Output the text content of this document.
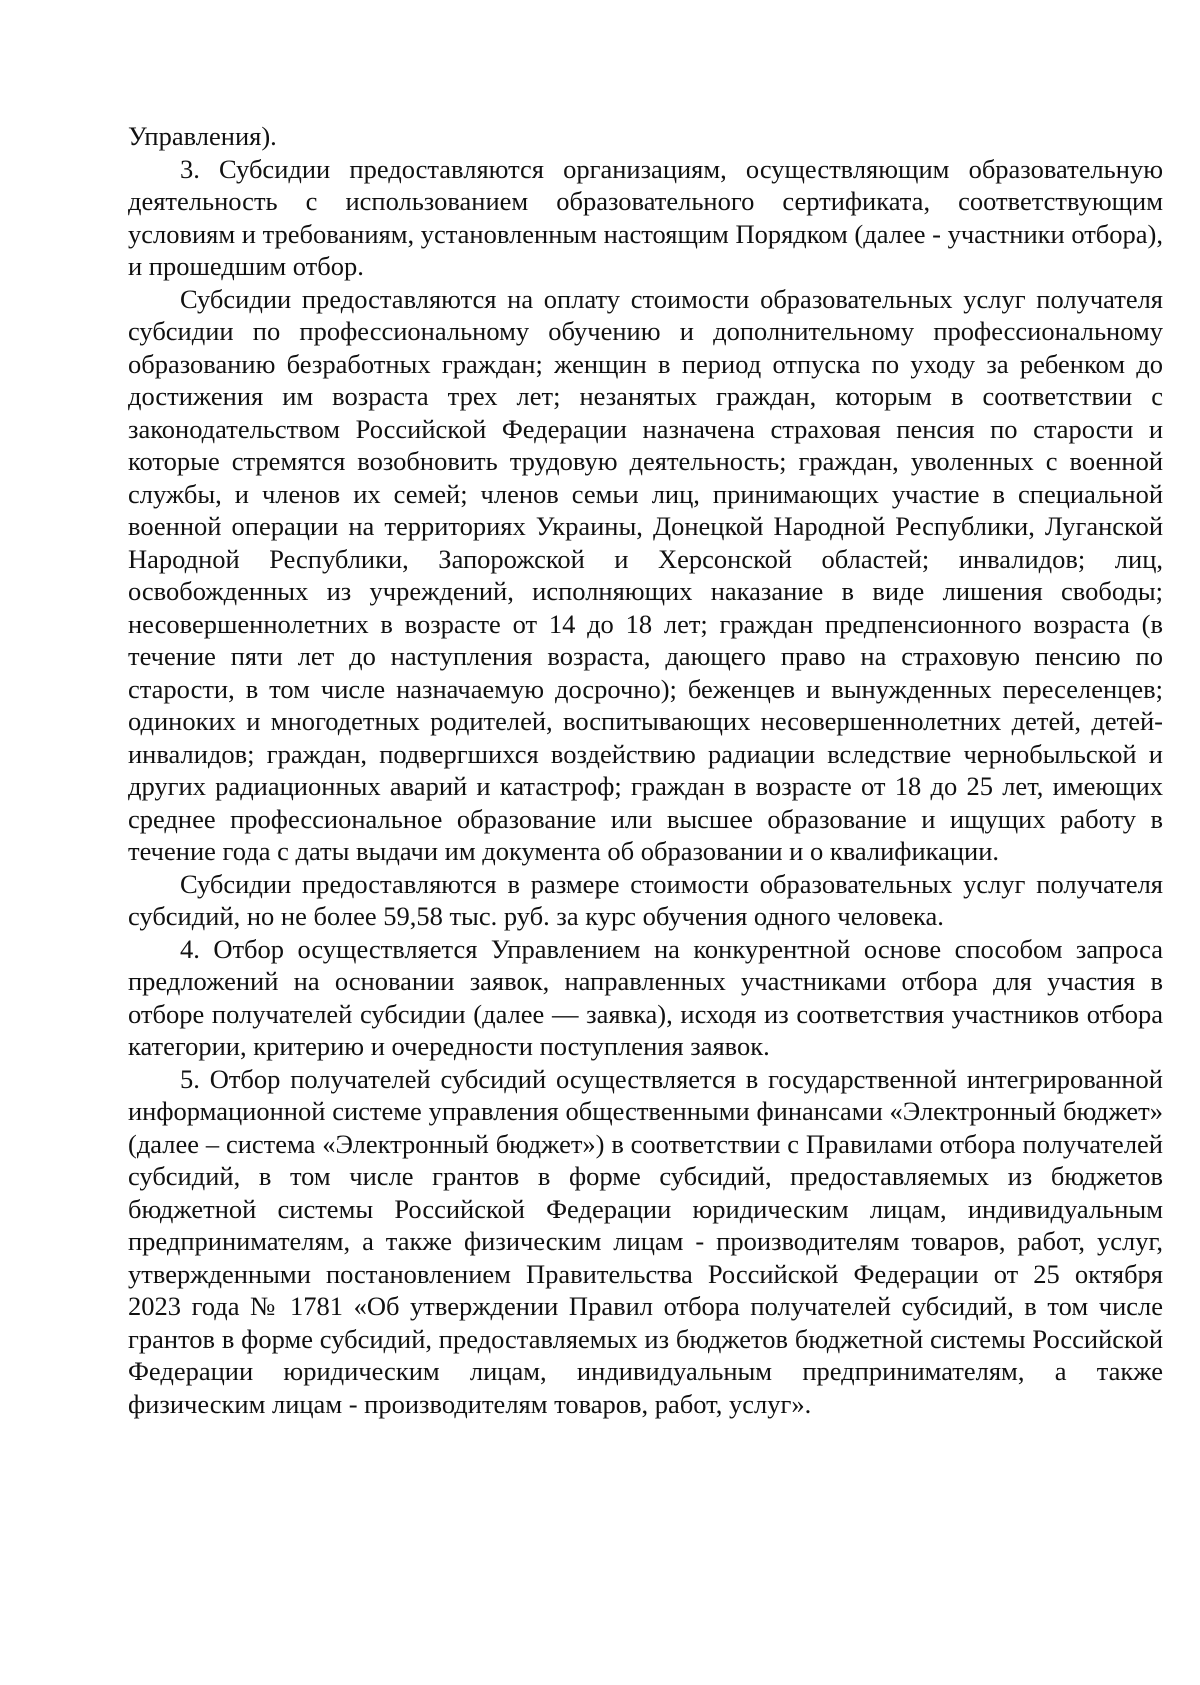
Управления).

3. Субсидии предоставляются организациям, осуществляющим образовательную деятельность с использованием образовательного сертификата, соответствующим условиям и требованиям, установленным настоящим Порядком (далее - участники отбора), и прошедшим отбор.

Субсидии предоставляются на оплату стоимости образовательных услуг получателя субсидии по профессиональному обучению и дополнительному профессиональному образованию безработных граждан; женщин в период отпуска по уходу за ребенком до достижения им возраста трех лет; незанятых граждан, которым в соответствии с законодательством Российской Федерации назначена страховая пенсия по старости и которые стремятся возобновить трудовую деятельность; граждан, уволенных с военной службы, и членов их семей; членов семьи лиц, принимающих участие в специальной военной операции на территориях Украины, Донецкой Народной Республики, Луганской Народной Республики, Запорожской и Херсонской областей; инвалидов; лиц, освобожденных из учреждений, исполняющих наказание в виде лишения свободы; несовершеннолетних в возрасте от 14 до 18 лет; граждан предпенсионного возраста (в течение пяти лет до наступления возраста, дающего право на страховую пенсию по старости, в том числе назначаемую досрочно); беженцев и вынужденных переселенцев; одиноких и многодетных родителей, воспитывающих несовершеннолетних детей, детей-инвалидов; граждан, подвергшихся воздействию радиации вследствие чернобыльской и других радиационных аварий и катастроф; граждан в возрасте от 18 до 25 лет, имеющих среднее профессиональное образование или высшее образование и ищущих работу в течение года с даты выдачи им документа об образовании и о квалификации.

Субсидии предоставляются в размере стоимости образовательных услуг получателя субсидий, но не более 59,58 тыс. руб. за курс обучения одного человека.

4. Отбор осуществляется Управлением на конкурентной основе способом запроса предложений на основании заявок, направленных участниками отбора для участия в отборе получателей субсидии (далее — заявка), исходя из соответствия участников отбора категории, критерию и очередности поступления заявок.

5. Отбор получателей субсидий осуществляется в государственной интегрированной информационной системе управления общественными финансами «Электронный бюджет» (далее – система «Электронный бюджет») в соответствии с Правилами отбора получателей субсидий, в том числе грантов в форме субсидий, предоставляемых из бюджетов бюджетной системы Российской Федерации юридическим лицам, индивидуальным предпринимателям, а также физическим лицам - производителям товаров, работ, услуг, утвержденными постановлением Правительства Российской Федерации от 25 октября 2023 года № 1781 «Об утверждении Правил отбора получателей субсидий, в том числе грантов в форме субсидий, предоставляемых из бюджетов бюджетной системы Российской Федерации юридическим лицам, индивидуальным предпринимателям, а также физическим лицам - производителям товаров, работ, услуг».
